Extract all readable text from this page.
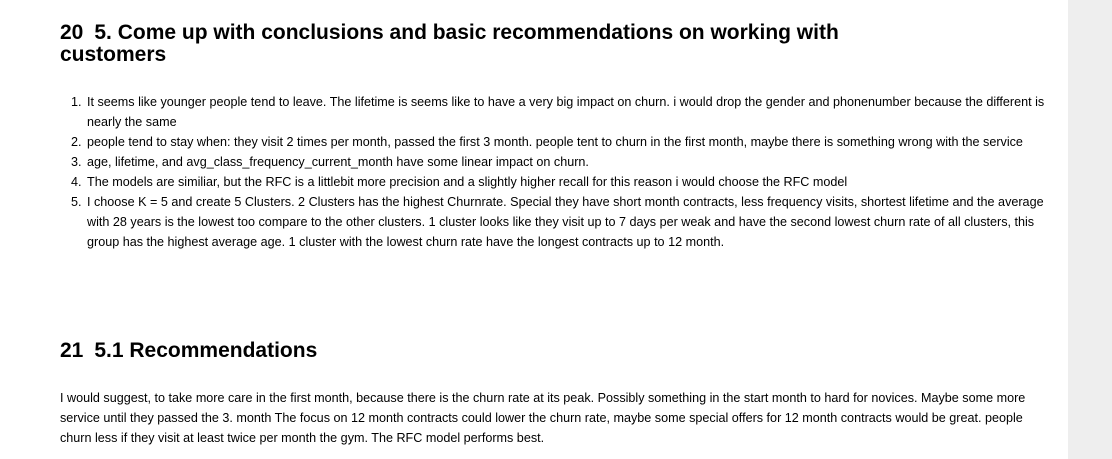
20 5. Come up with conclusions and basic recommendations on working with customers
1. It seems like younger people tend to leave. The lifetime is seems like to have a very big impact on churn. i would drop the gender and phonenumber because the different is nearly the same
2. people tend to stay when: they visit 2 times per month, passed the first 3 month. people tent to churn in the first month, maybe there is something wrong with the service
3. age, lifetime, and avg_class_frequency_current_month have some linear impact on churn.
4. The models are similiar, but the RFC is a littlebit more precision and a slightly higher recall for this reason i would choose the RFC model
5. I choose K = 5 and create 5 Clusters. 2 Clusters has the highest Churnrate. Special they have short month contracts, less frequency visits, shortest lifetime and the average with 28 years is the lowest too compare to the other clusters. 1 cluster looks like they visit up to 7 days per weak and have the second lowest churn rate of all clusters, this group has the highest average age. 1 cluster with the lowest churn rate have the longest contracts up to 12 month.
21 5.1 Recommendations

I would suggest, to take more care in the first month, because there is the churn rate at its peak. Possibly something in the start month to hard for novices. Maybe some more service until they passed the 3. month The focus on 12 month contracts could lower the churn rate, maybe some special offers for 12 month contracts would be great. people churn less if they visit at least twice per month the gym. The RFC model performs best.
